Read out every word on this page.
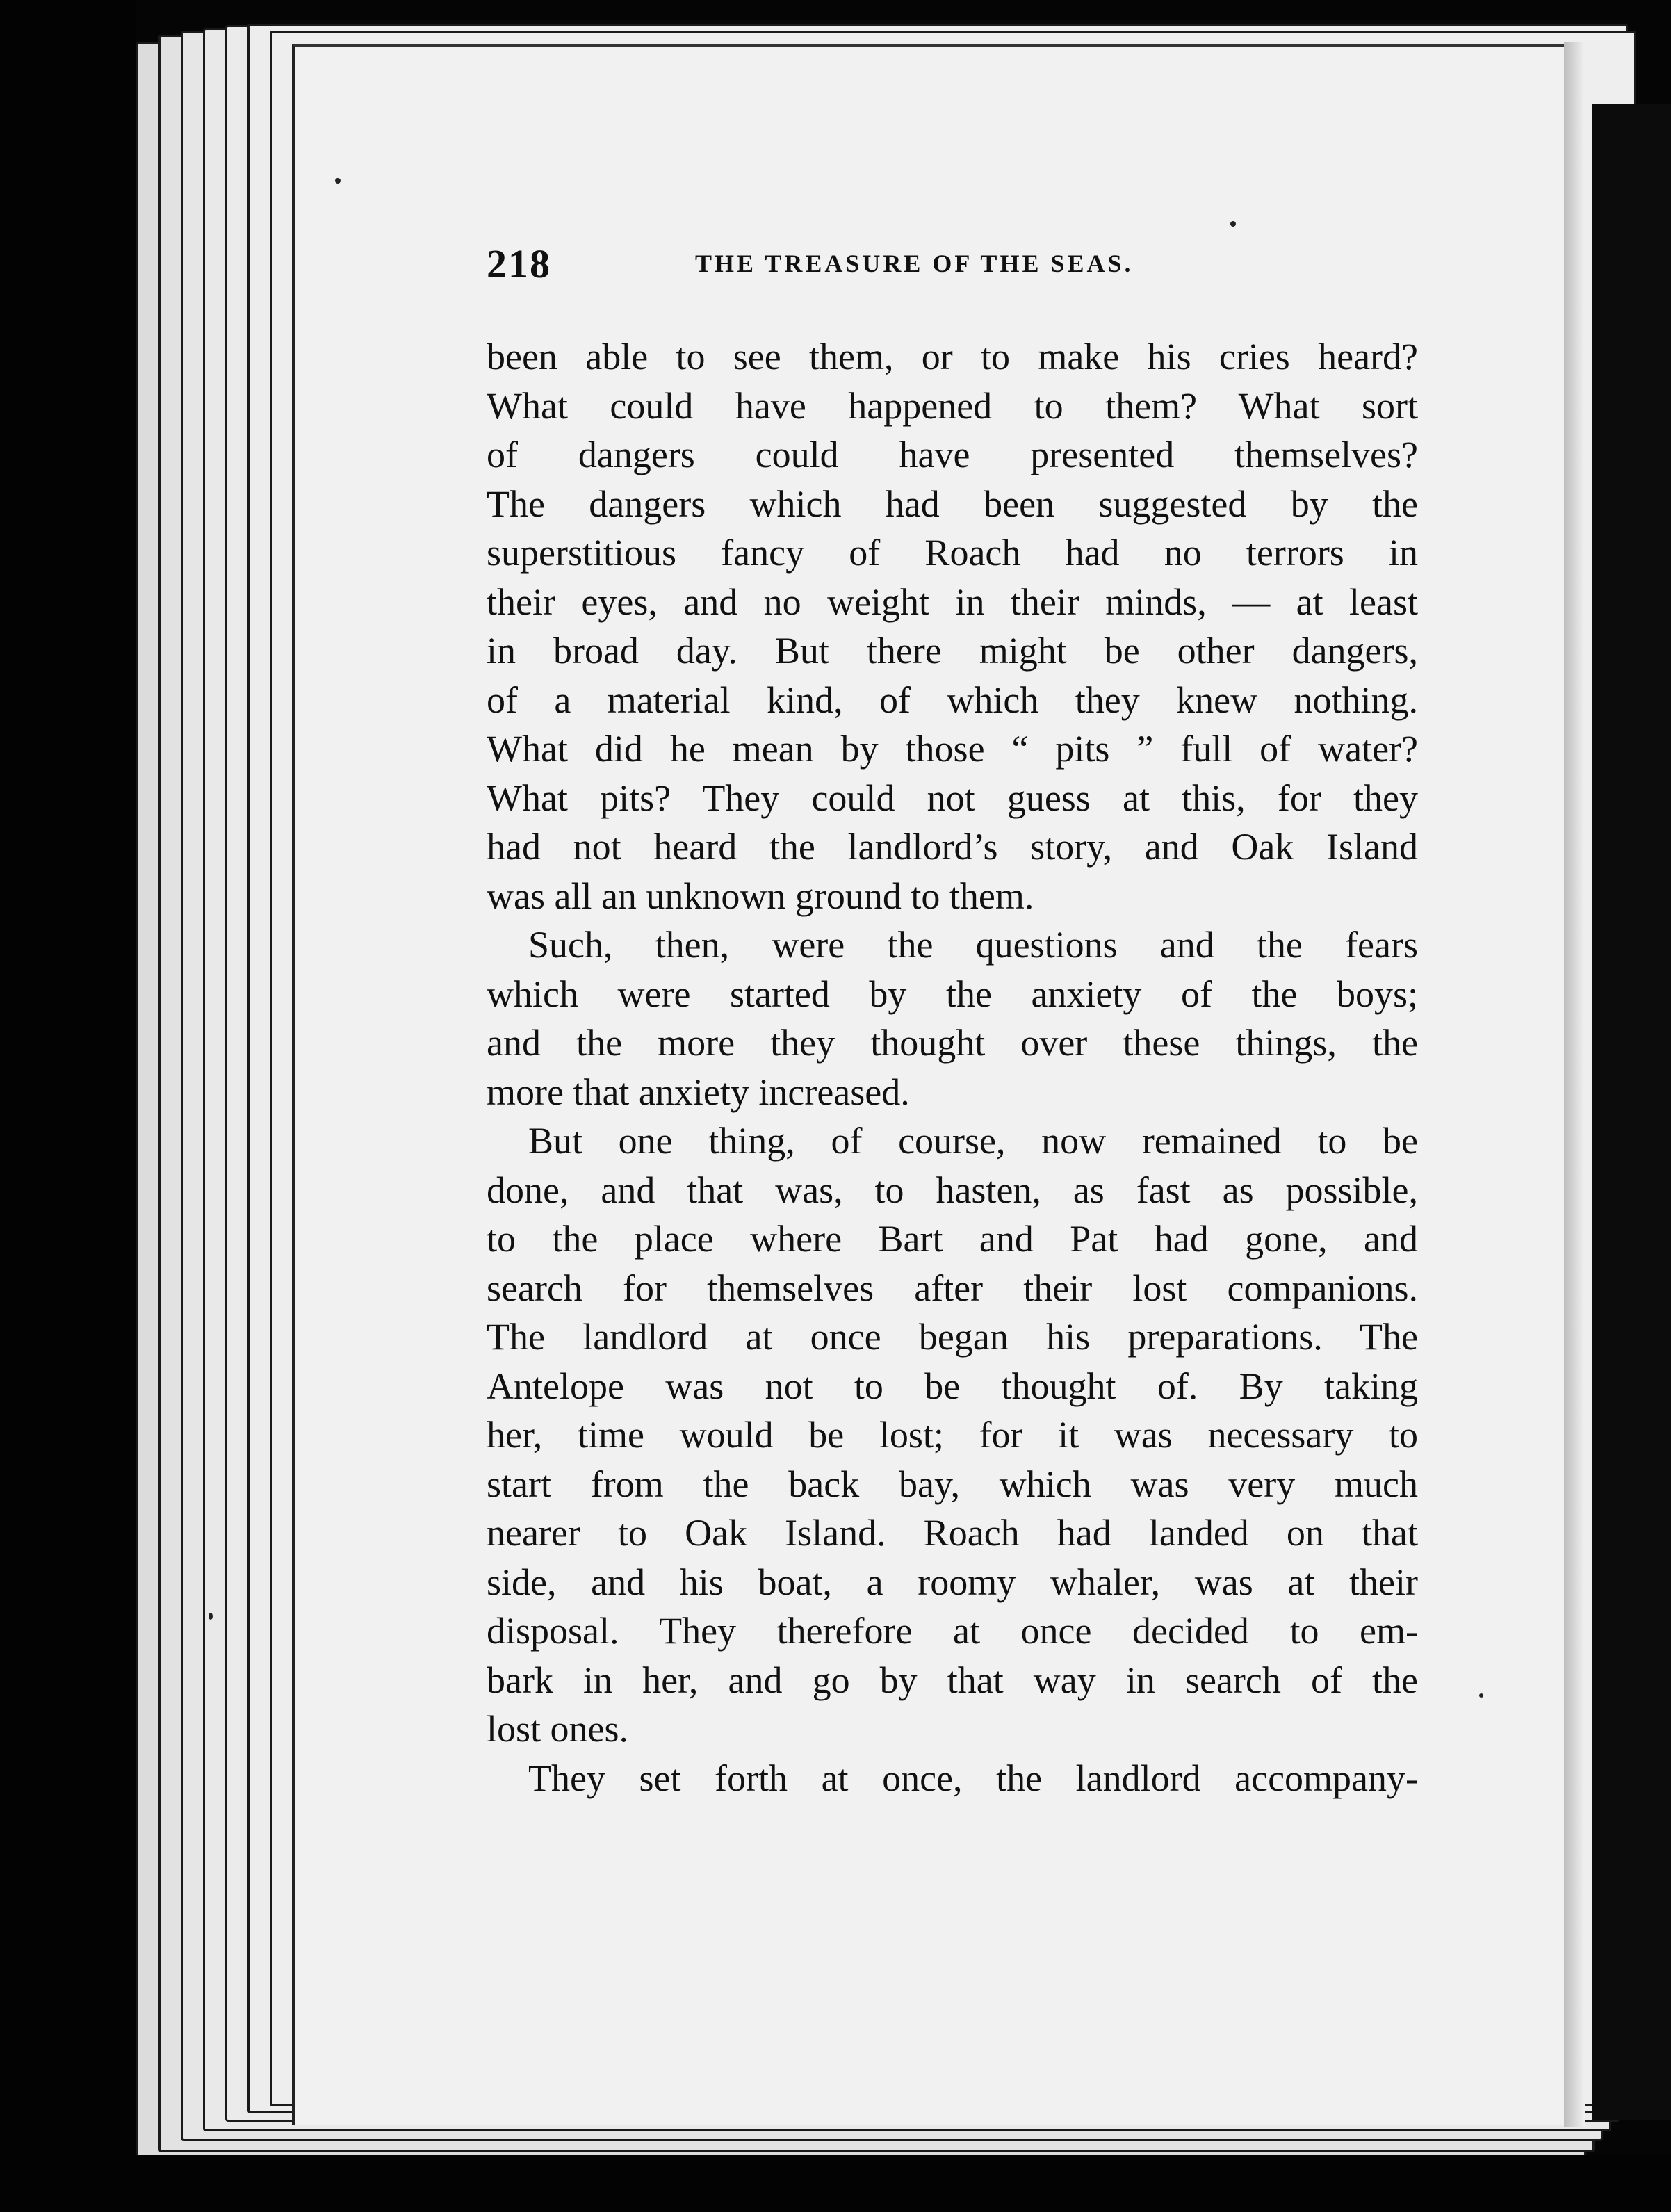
218	THE TREASURE OF THE SEAS.

been able to see them, or to make his cries heard?
What could have happened to them? What sort
of dangers could have presented themselves?
The dangers which had been suggested by the
superstitious fancy of Roach had no terrors in
their eyes, and no weight in their minds, — at least
in broad day. But there might be other dangers,
of a material kind, of which they knew nothing.
What did he mean by those “ pits ” full of water?
What pits? They could not guess at this, for they
had not heard the landlord’s story, and Oak Island
was all an unknown ground to them.

Such, then, were the questions and the fears
which were started by the anxiety of the boys;
and the more they thought over these things, the
more that anxiety increased.

But one thing, of course, now remained to be
done, and that was, to hasten, as fast as possible,
to the place where Bart and Pat had gone, and
search for themselves after their lost companions.
The landlord at once began his preparations. The
Antelope was not to be thought of. By taking
her, time would be lost; for it was necessary to
start from the back bay, which was very much
nearer to Oak Island. Roach had landed on that
side, and his boat, a roomy whaler, was at their
disposal. They therefore at once decided to em-
bark in her, and go by that way in search of the
lost ones.

They set forth at once, the landlord accompany-
